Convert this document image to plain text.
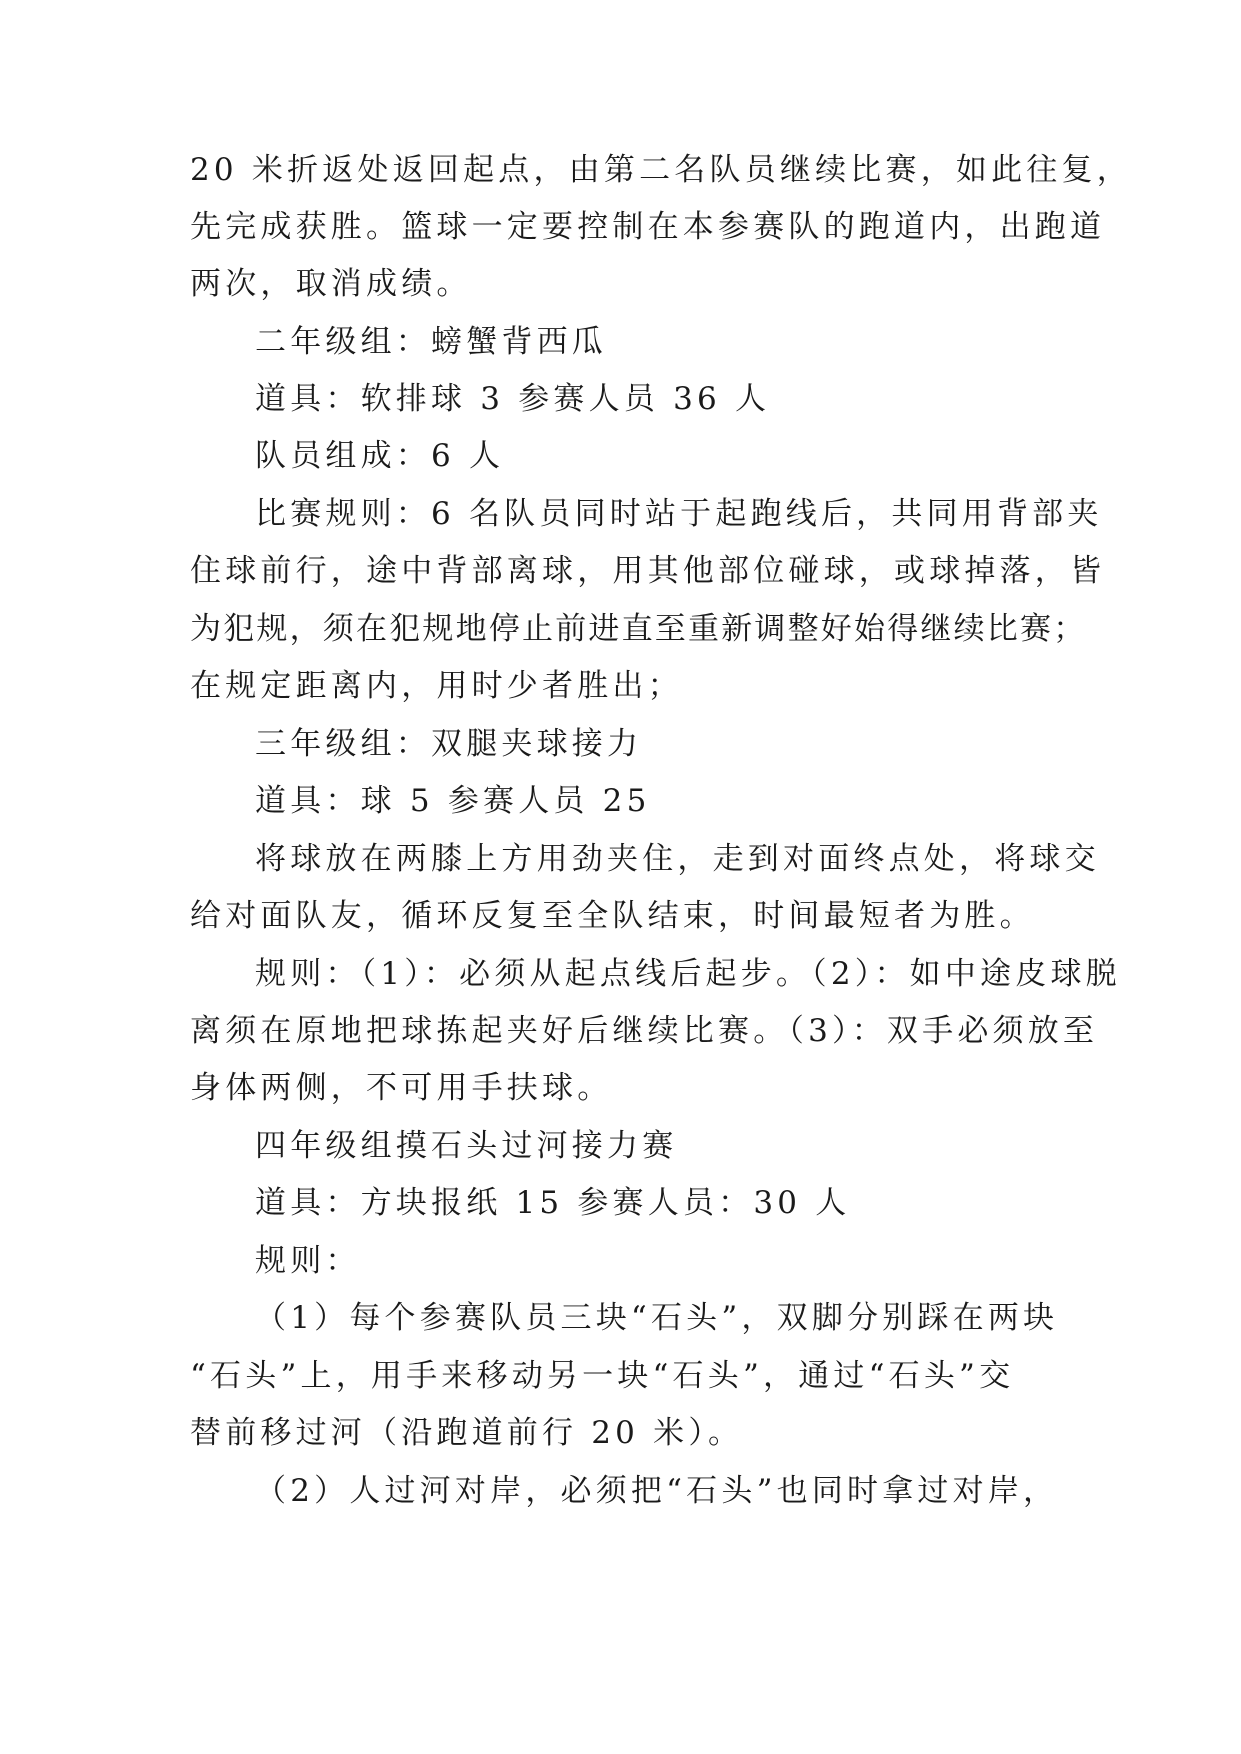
20 米折返处返回起点，由第二名队员继续比赛，如此往复，
先完成获胜。篮球一定要控制在本参赛队的跑道内，出跑道
两次，取消成绩。
二年级组：螃蟹背西瓜
道具：软排球 3 参赛人员 36 人
队员组成：6 人
比赛规则：6 名队员同时站于起跑线后，共同用背部夹
住球前行，途中背部离球，用其他部位碰球，或球掉落，皆
为犯规，须在犯规地停止前进直至重新调整好始得继续比赛；
在规定距离内，用时少者胜出；
三年级组：双腿夹球接力
道具：球 5 参赛人员 25
将球放在两膝上方用劲夹住，走到对面终点处，将球交
给对面队友，循环反复至全队结束，时间最短者为胜。
规则：（1）：必须从起点线后起步。（2）：如中途皮球脱
离须在原地把球拣起夹好后继续比赛。（3）：双手必须放至
身体两侧，不可用手扶球。
四年级组摸石头过河接力赛
道具：方块报纸 15 参赛人员：30 人
规则：
（1）每个参赛队员三块“石头”，双脚分别踩在两块
“石头”上，用手来移动另一块“石头”，通过“石头”交
替前移过河（沿跑道前行 20 米）。
（2）人过河对岸，必须把“石头”也同时拿过对岸，
